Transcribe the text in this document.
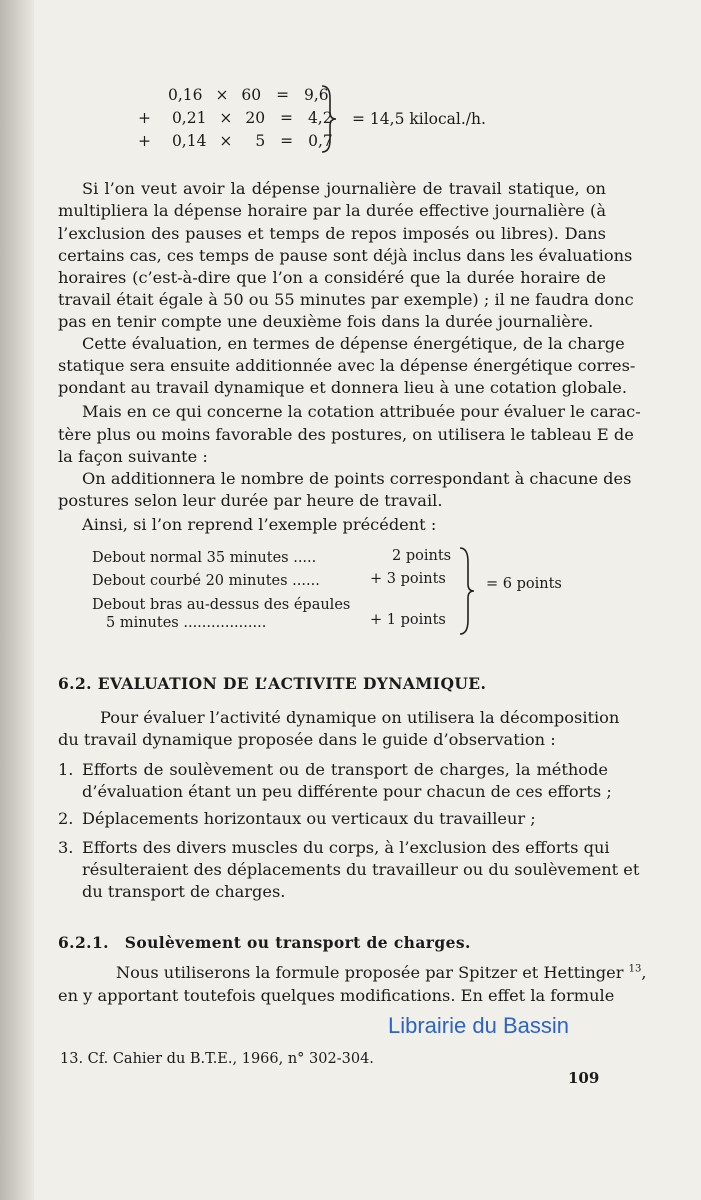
0,16 × 60 = 9,6
+ 0,21 × 20 = 4,2
+ 0,14 × 5 = 0,7
= 14,5 kilocal./h.
Si l’on veut avoir la dépense journalière de travail statique, on
multipliera la dépense horaire par la durée effective journalière (à
l’exclusion des pauses et temps de repos imposés ou libres). Dans
certains cas, ces temps de pause sont déjà inclus dans les évaluations
horaires (c’est-à-dire que l’on a considéré que la durée horaire de
travail était égale à 50 ou 55 minutes par exemple) ; il ne faudra donc
pas en tenir compte une deuxième fois dans la durée journalière.
Cette évaluation, en termes de dépense énergétique, de la charge
statique sera ensuite additionnée avec la dépense énergétique corres-
pondant au travail dynamique et donnera lieu à une cotation globale.
Mais en ce qui concerne la cotation attribuée pour évaluer le carac-
tère plus ou moins favorable des postures, on utilisera le tableau E de
la façon suivante :
On additionnera le nombre de points correspondant à chacune des
postures selon leur durée par heure de travail.
Ainsi, si l’on reprend l’exemple précédent :
Debout normal 35 minutes .....	2 points
Debout courbé 20 minutes ......	+ 3 points
Debout bras au-dessus des épaules
5 minutes ..................	+ 1 points
= 6 points
6.2. EVALUATION DE L’ACTIVITE DYNAMIQUE.
Pour évaluer l’activité dynamique on utilisera la décomposition
du travail dynamique proposée dans le guide d’observation :
1. Efforts de soulèvement ou de transport de charges, la méthode
d’évaluation étant un peu différente pour chacun de ces efforts ;
2. Déplacements horizontaux ou verticaux du travailleur ;
3. Efforts des divers muscles du corps, à l’exclusion des efforts qui
résulteraient des déplacements du travailleur ou du soulèvement et
du transport de charges.
6.2.1. Soulèvement ou transport de charges.
Nous utiliserons la formule proposée par Spitzer et Hettinger $^{13}$,
en y apportant toutefois quelques modifications. En effet la formule
Librairie du Bassin
13. Cf. Cahier du B.T.E., 1966, n° 302-304.
109
